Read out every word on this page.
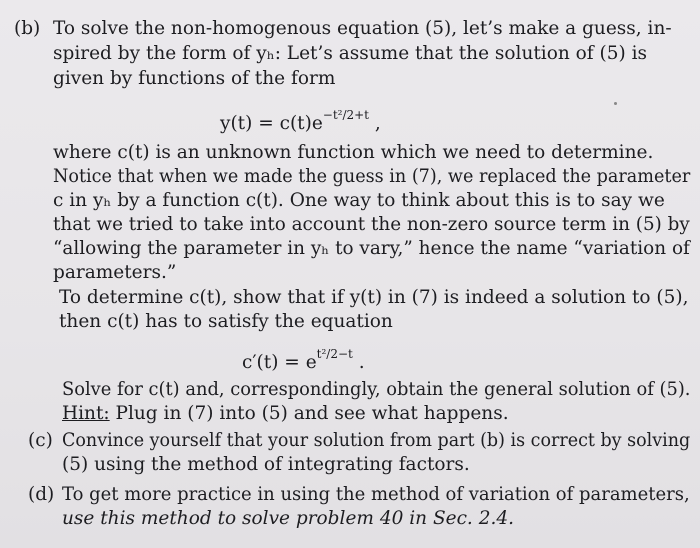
(b) To solve the non-homogenous equation (5), let’s make a guess, in-
spired by the form of yₕ: Let’s assume that the solution of (5) is
given by functions of the form
$y(t) = c(t)e^{-t^2/2+t}$ ,
where c(t) is an unknown function which we need to determine.
Notice that when we made the guess in (7), we replaced the parameter
c in yₕ by a function c(t). One way to think about this is to say we
that we tried to take into account the non-zero source term in (5) by
“allowing the parameter in yₕ to vary,” hence the name “variation of
parameters.”
To determine c(t), show that if y(t) in (7) is indeed a solution to (5),
then c(t) has to satisfy the equation
$c'(t) = e^{t^2/2-t}$ .
Solve for c(t) and, correspondingly, obtain the general solution of (5).
Hint: Plug in (7) into (5) and see what happens.
(c) Convince yourself that your solution from part (b) is correct by solving
(5) using the method of integrating factors.
(d) To get more practice in using the method of variation of parameters,
use this method to solve problem 40 in Sec. 2.4.
